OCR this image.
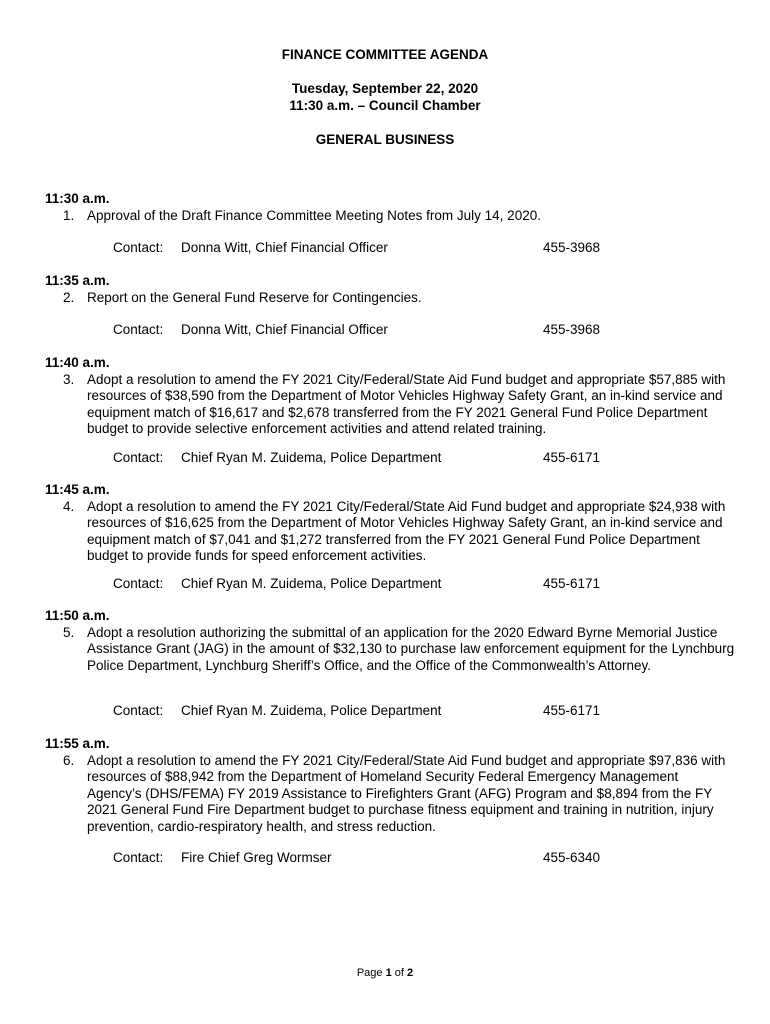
FINANCE COMMITTEE AGENDA
Tuesday, September 22, 2020
11:30 a.m. – Council Chamber
GENERAL BUSINESS
11:30 a.m.
1. Approval of the Draft Finance Committee Meeting Notes from July 14, 2020.
Contact: Donna Witt, Chief Financial Officer	455-3968
11:35 a.m.
2. Report on the General Fund Reserve for Contingencies.
Contact: Donna Witt, Chief Financial Officer	455-3968
11:40 a.m.
3. Adopt a resolution to amend the FY 2021 City/Federal/State Aid Fund budget and appropriate $57,885 with resources of $38,590 from the Department of Motor Vehicles Highway Safety Grant, an in-kind service and equipment match of $16,617 and $2,678 transferred from the FY 2021 General Fund Police Department budget to provide selective enforcement activities and attend related training.
Contact: Chief Ryan M. Zuidema, Police Department	455-6171
11:45 a.m.
4. Adopt a resolution to amend the FY 2021 City/Federal/State Aid Fund budget and appropriate $24,938 with resources of $16,625 from the Department of Motor Vehicles Highway Safety Grant, an in-kind service and equipment match of $7,041 and $1,272 transferred from the FY 2021 General Fund Police Department budget to provide funds for speed enforcement activities.
Contact: Chief Ryan M. Zuidema, Police Department	455-6171
11:50 a.m.
5. Adopt a resolution authorizing the submittal of an application for the 2020 Edward Byrne Memorial Justice Assistance Grant (JAG) in the amount of $32,130 to purchase law enforcement equipment for the Lynchburg Police Department, Lynchburg Sheriff’s Office, and the Office of the Commonwealth’s Attorney.
Contact: Chief Ryan M. Zuidema, Police Department	455-6171
11:55 a.m.
6. Adopt a resolution to amend the FY 2021 City/Federal/State Aid Fund budget and appropriate $97,836 with resources of $88,942 from the Department of Homeland Security Federal Emergency Management Agency’s (DHS/FEMA) FY 2019 Assistance to Firefighters Grant (AFG) Program and $8,894 from the FY 2021 General Fund Fire Department budget to purchase fitness equipment and training in nutrition, injury prevention, cardio-respiratory health, and stress reduction.
Contact: Fire Chief Greg Wormser	455-6340
Page 1 of 2
